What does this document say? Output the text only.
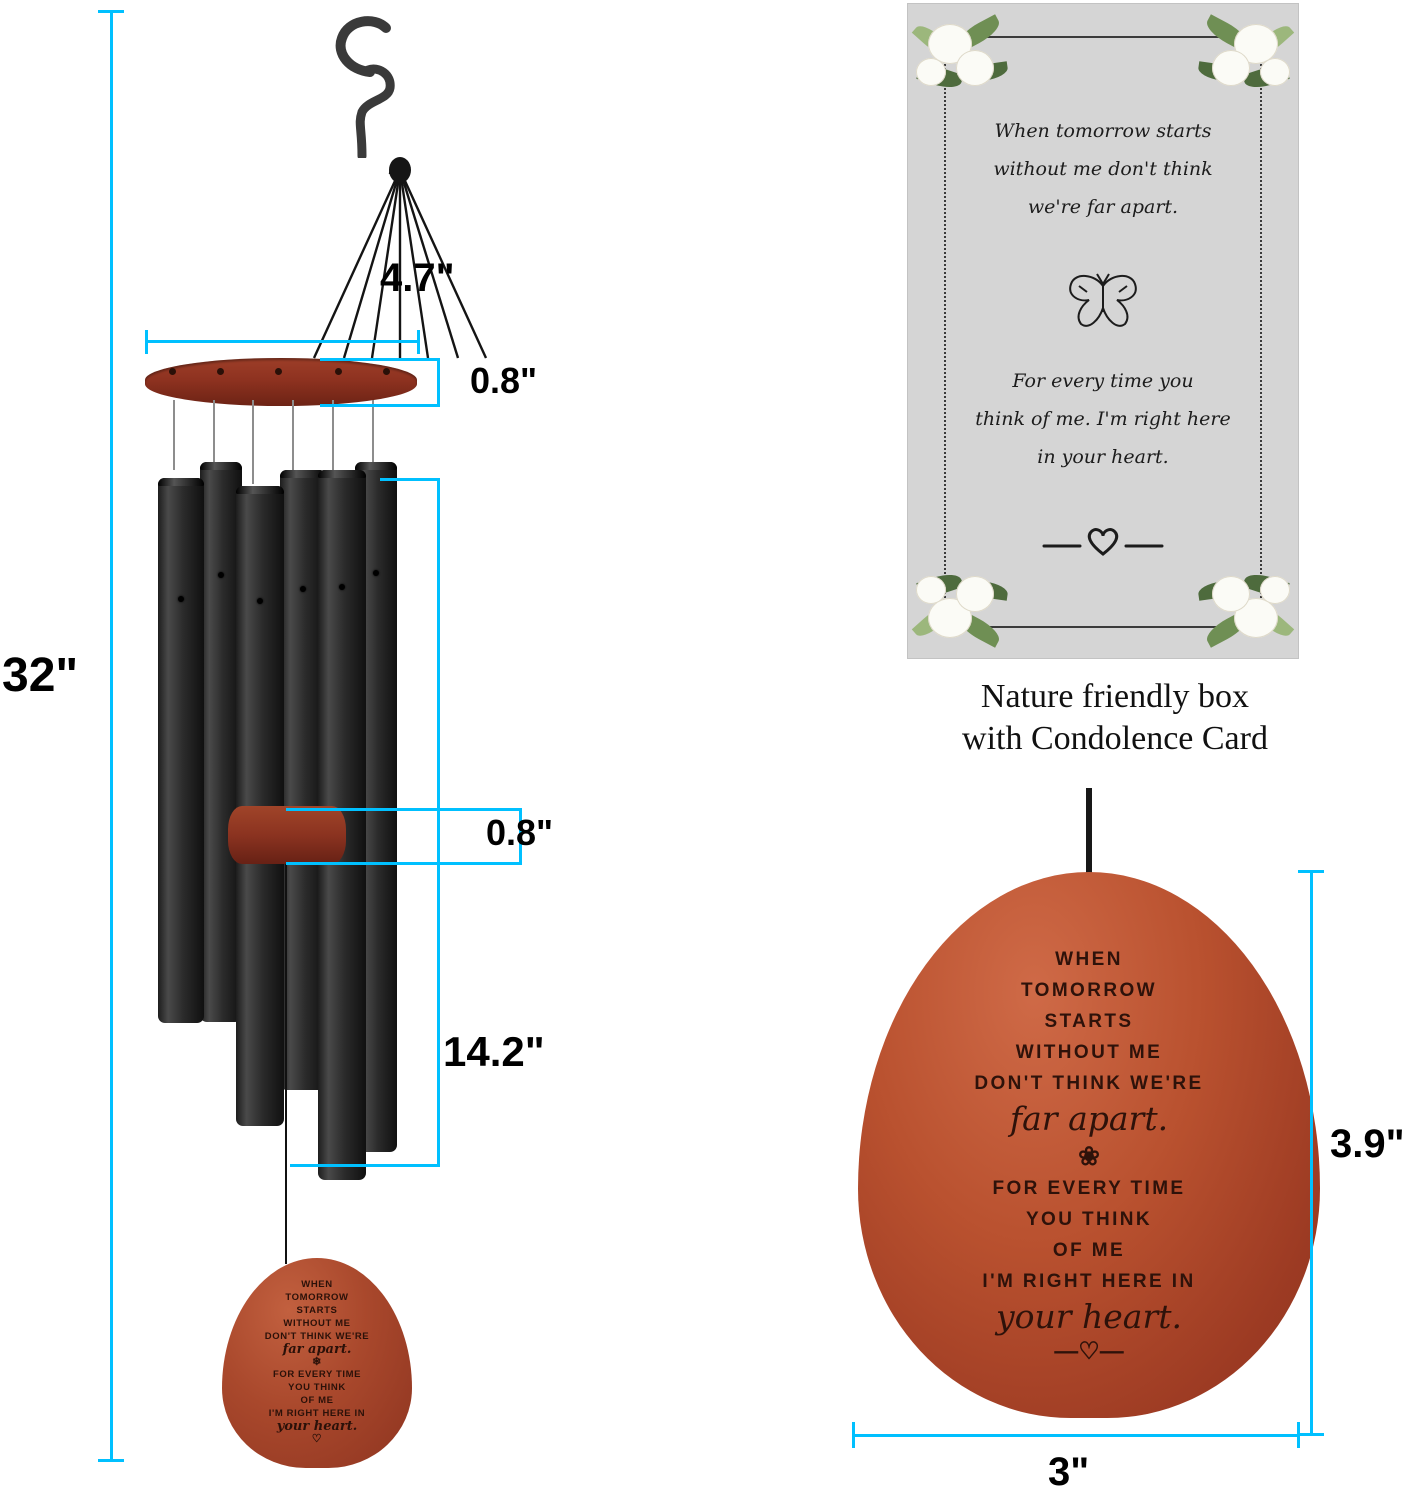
WHEN
TOMORROW
STARTS
WITHOUT ME
DON'T THINK WE'RE
far apart.
❄
FOR EVERY TIME
YOU THINK
OF ME
I'M RIGHT HERE IN
your heart.
♡
32"
4.7"
0.8"
14.2"
0.8"
When tomorrow starts
without me don't think
we're far apart.
For every time you
think of me. I'm right here
in your heart.
Nature friendly box
with Condolence Card
WHEN
TOMORROW
STARTS
WITHOUT ME
DON'T THINK WE'RE
far apart.
❀
FOR EVERY TIME
YOU THINK
OF ME
I'M RIGHT HERE IN
your heart.
—♡—
3.9"
3"
